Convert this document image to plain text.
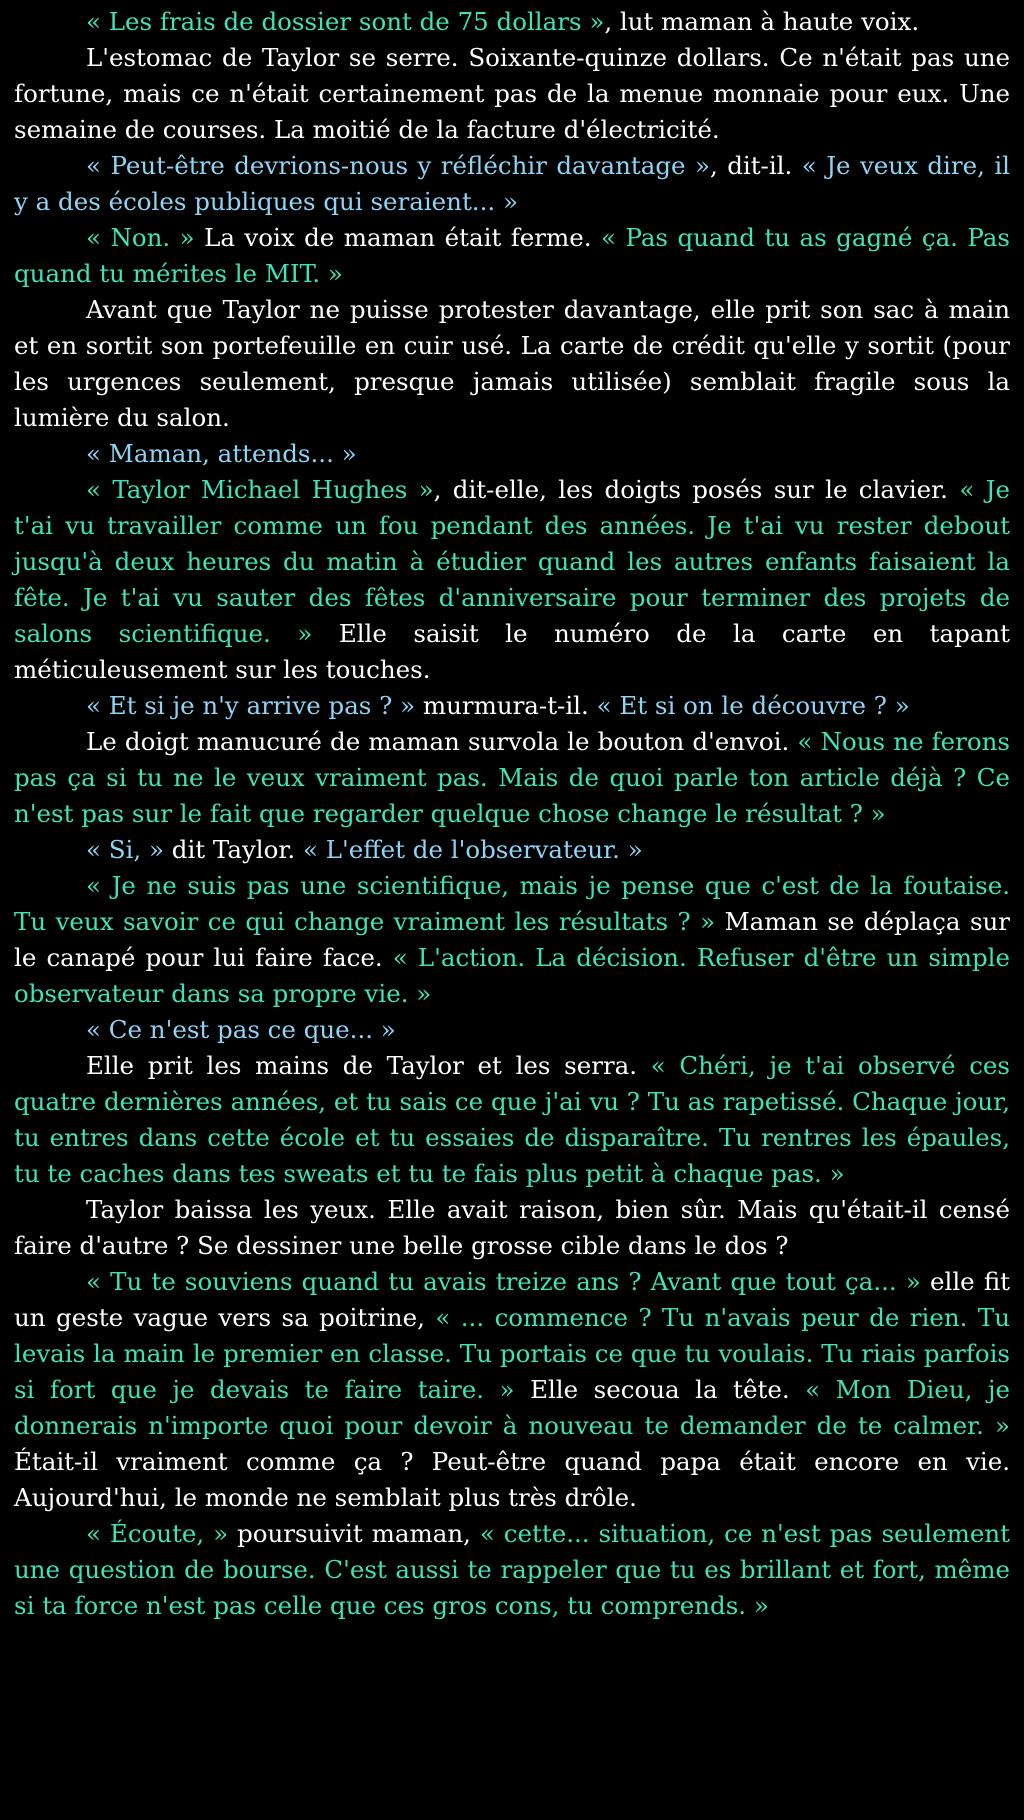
« Les frais de dossier sont de 75 dollars », lut maman à haute voix.

L'estomac de Taylor se serre. Soixante-quinze dollars. Ce n'était pas une fortune, mais ce n'était certainement pas de la menue monnaie pour eux. Une semaine de courses. La moitié de la facture d'électricité.

« Peut-être devrions-nous y réfléchir davantage », dit-il. « Je veux dire, il y a des écoles publiques qui seraient... »

« Non. » La voix de maman était ferme. « Pas quand tu as gagné ça. Pas quand tu mérites le MIT. »

Avant que Taylor ne puisse protester davantage, elle prit son sac à main et en sortit son portefeuille en cuir usé. La carte de crédit qu'elle y sortit (pour les urgences seulement, presque jamais utilisée) semblait fragile sous la lumière du salon.

« Maman, attends... »

« Taylor Michael Hughes », dit-elle, les doigts posés sur le clavier. « Je t'ai vu travailler comme un fou pendant des années. Je t'ai vu rester debout jusqu'à deux heures du matin à étudier quand les autres enfants faisaient la fête. Je t'ai vu sauter des fêtes d'anniversaire pour terminer des projets de salons scientifique. » Elle saisit le numéro de la carte en tapant méticuleusement sur les touches.

« Et si je n'y arrive pas ? » murmura-t-il. « Et si on le découvre ? »

Le doigt manucuré de maman survola le bouton d'envoi. « Nous ne ferons pas ça si tu ne le veux vraiment pas. Mais de quoi parle ton article déjà ? Ce n'est pas sur le fait que regarder quelque chose change le résultat ? »

« Si, » dit Taylor. « L'effet de l'observateur. »

« Je ne suis pas une scientifique, mais je pense que c'est de la foutaise. Tu veux savoir ce qui change vraiment les résultats ? » Maman se déplaça sur le canapé pour lui faire face. « L'action. La décision. Refuser d'être un simple observateur dans sa propre vie. »

« Ce n'est pas ce que... »

Elle prit les mains de Taylor et les serra. « Chéri, je t'ai observé ces quatre dernières années, et tu sais ce que j'ai vu ? Tu as rapetissé. Chaque jour, tu entres dans cette école et tu essaies de disparaître. Tu rentres les épaules, tu te caches dans tes sweats et tu te fais plus petit à chaque pas. »

Taylor baissa les yeux. Elle avait raison, bien sûr. Mais qu'était-il censé faire d'autre ? Se dessiner une belle grosse cible dans le dos ?

« Tu te souviens quand tu avais treize ans ? Avant que tout ça... » elle fit un geste vague vers sa poitrine, « ... commence ? Tu n'avais peur de rien. Tu levais la main le premier en classe. Tu portais ce que tu voulais. Tu riais parfois si fort que je devais te faire taire. » Elle secoua la tête. « Mon Dieu, je donnerais n'importe quoi pour devoir à nouveau te demander de te calmer. » Était-il vraiment comme ça ? Peut-être quand papa était encore en vie. Aujourd'hui, le monde ne semblait plus très drôle.

« Écoute, » poursuivit maman, « cette... situation, ce n'est pas seulement une question de bourse. C'est aussi te rappeler que tu es brillant et fort, même si ta force n'est pas celle que ces gros cons, tu comprends. »
